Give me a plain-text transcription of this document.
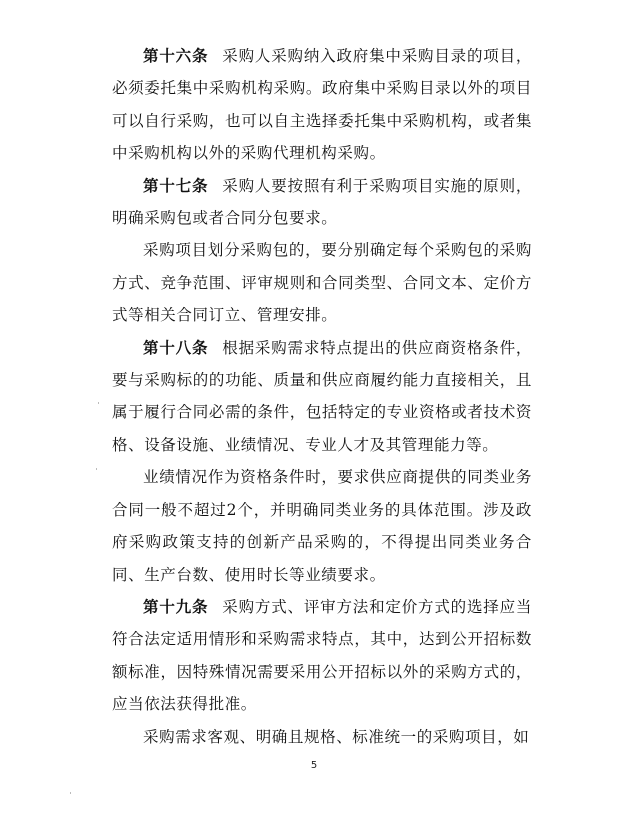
第十六条 采购人采购纳入政府集中采购目录的项目，必须委托集中采购机构采购。政府集中采购目录以外的项目可以自行采购，也可以自主选择委托集中采购机构，或者集中采购机构以外的采购代理机构采购。

第十七条 采购人要按照有利于采购项目实施的原则，明确采购包或者合同分包要求。

采购项目划分采购包的，要分别确定每个采购包的采购方式、竞争范围、评审规则和合同类型、合同文本、定价方式等相关合同订立、管理安排。

第十八条 根据采购需求特点提出的供应商资格条件，要与采购标的的功能、质量和供应商履约能力直接相关，且属于履行合同必需的条件，包括特定的专业资格或者技术资格、设备设施、业绩情况、专业人才及其管理能力等。

业绩情况作为资格条件时，要求供应商提供的同类业务合同一般不超过2个，并明确同类业务的具体范围。涉及政府采购政策支持的创新产品采购的，不得提出同类业务合同、生产台数、使用时长等业绩要求。

第十九条 采购方式、评审方法和定价方式的选择应当符合法定适用情形和采购需求特点，其中，达到公开招标数额标准，因特殊情况需要采用公开招标以外的采购方式的，应当依法获得批准。

采购需求客观、明确且规格、标准统一的采购项目，如

5
